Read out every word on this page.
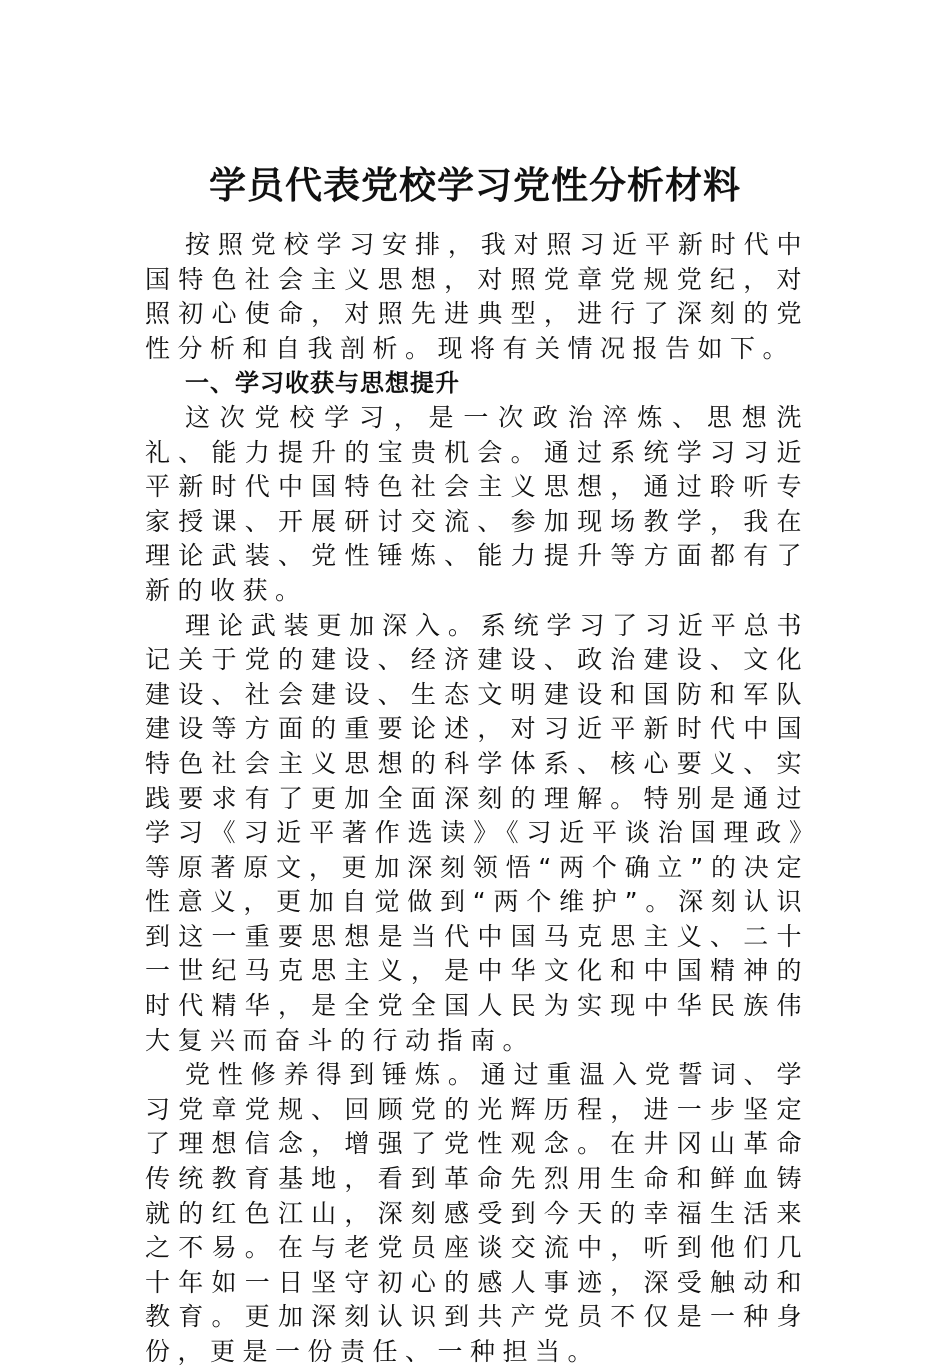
学员代表党校学习党性分析材料

按照党校学习安排，我对照习近平新时代中国特色社会主义思想，对照党章党规党纪，对照初心使命，对照先进典型，进行了深刻的党性分析和自我剖析。现将有关情况报告如下。

一、学习收获与思想提升

这次党校学习，是一次政治淬炼、思想洗礼、能力提升的宝贵机会。通过系统学习习近平新时代中国特色社会主义思想，通过聆听专家授课、开展研讨交流、参加现场教学，我在理论武装、党性锤炼、能力提升等方面都有了新的收获。

理论武装更加深入。系统学习了习近平总书记关于党的建设、经济建设、政治建设、文化建设、社会建设、生态文明建设和国防和军队建设等方面的重要论述，对习近平新时代中国特色社会主义思想的科学体系、核心要义、实践要求有了更加全面深刻的理解。特别是通过学习《习近平著作选读》《习近平谈治国理政》等原著原文，更加深刻领悟“两个确立”的决定性意义，更加自觉做到“两个维护”。深刻认识到这一重要思想是当代中国马克思主义、二十一世纪马克思主义，是中华文化和中国精神的时代精华，是全党全国人民为实现中华民族伟大复兴而奋斗的行动指南。

党性修养得到锤炼。通过重温入党誓词、学习党章党规、回顾党的光辉历程，进一步坚定了理想信念，增强了党性观念。在井冈山革命传统教育基地，看到革命先烈用生命和鲜血铸就的红色江山，深刻感受到今天的幸福生活来之不易。在与老党员座谈交流中，听到他们几十年如一日坚守初心的感人事迹，深受触动和教育。更加深刻认识到共产党员不仅是一种身份，更是一份责任、一种担当。
